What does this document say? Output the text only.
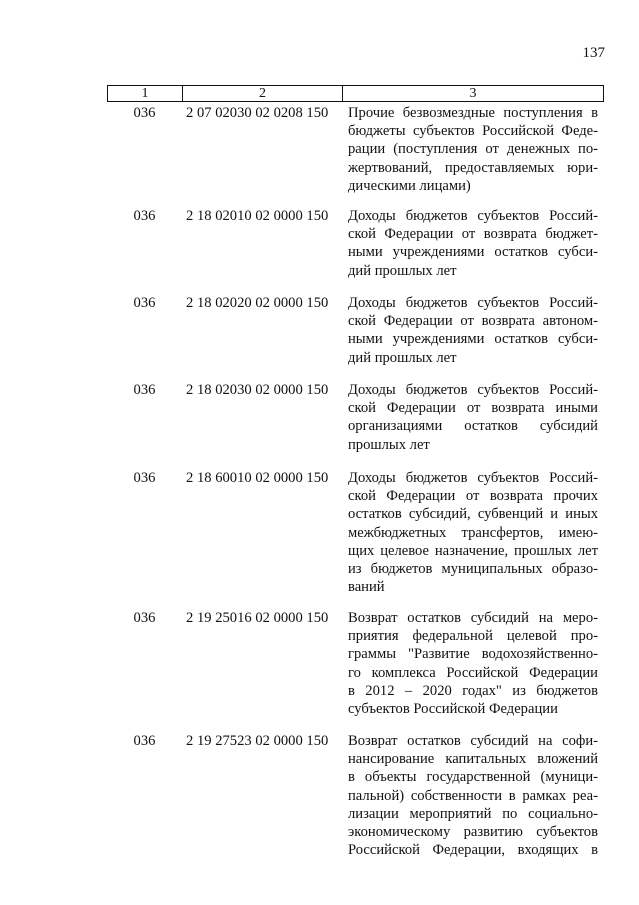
137
1	2	3
036	2 07 02030 02 0208 150	Прочие безвозмездные поступления в
бюджеты субъектов Российской Феде-
рации (поступления от денежных по-
жертвований, предоставляемых юри-
дическими лицами)
036	2 18 02010 02 0000 150	Доходы бюджетов субъектов Россий-
ской Федерации от возврата бюджет-
ными учреждениями остатков субси-
дий прошлых лет
036	2 18 02020 02 0000 150	Доходы бюджетов субъектов Россий-
ской Федерации от возврата автоном-
ными учреждениями остатков субси-
дий прошлых лет
036	2 18 02030 02 0000 150	Доходы бюджетов субъектов Россий-
ской Федерации от возврата иными
организациями остатков субсидий
прошлых лет
036	2 18 60010 02 0000 150	Доходы бюджетов субъектов Россий-
ской Федерации от возврата прочих
остатков субсидий, субвенций и иных
межбюджетных трансфертов, имею-
щих целевое назначение, прошлых лет
из бюджетов муниципальных образо-
ваний
036	2 19 25016 02 0000 150	Возврат остатков субсидий на меро-
приятия федеральной целевой про-
граммы "Развитие водохозяйственно-
го комплекса Российской Федерации
в 2012 – 2020 годах" из бюджетов
субъектов Российской Федерации
036	2 19 27523 02 0000 150	Возврат остатков субсидий на софи-
нансирование капитальных вложений
в объекты государственной (муници-
пальной) собственности в рамках реа-
лизации мероприятий по социально-
экономическому развитию субъектов
Российской Федерации, входящих в
